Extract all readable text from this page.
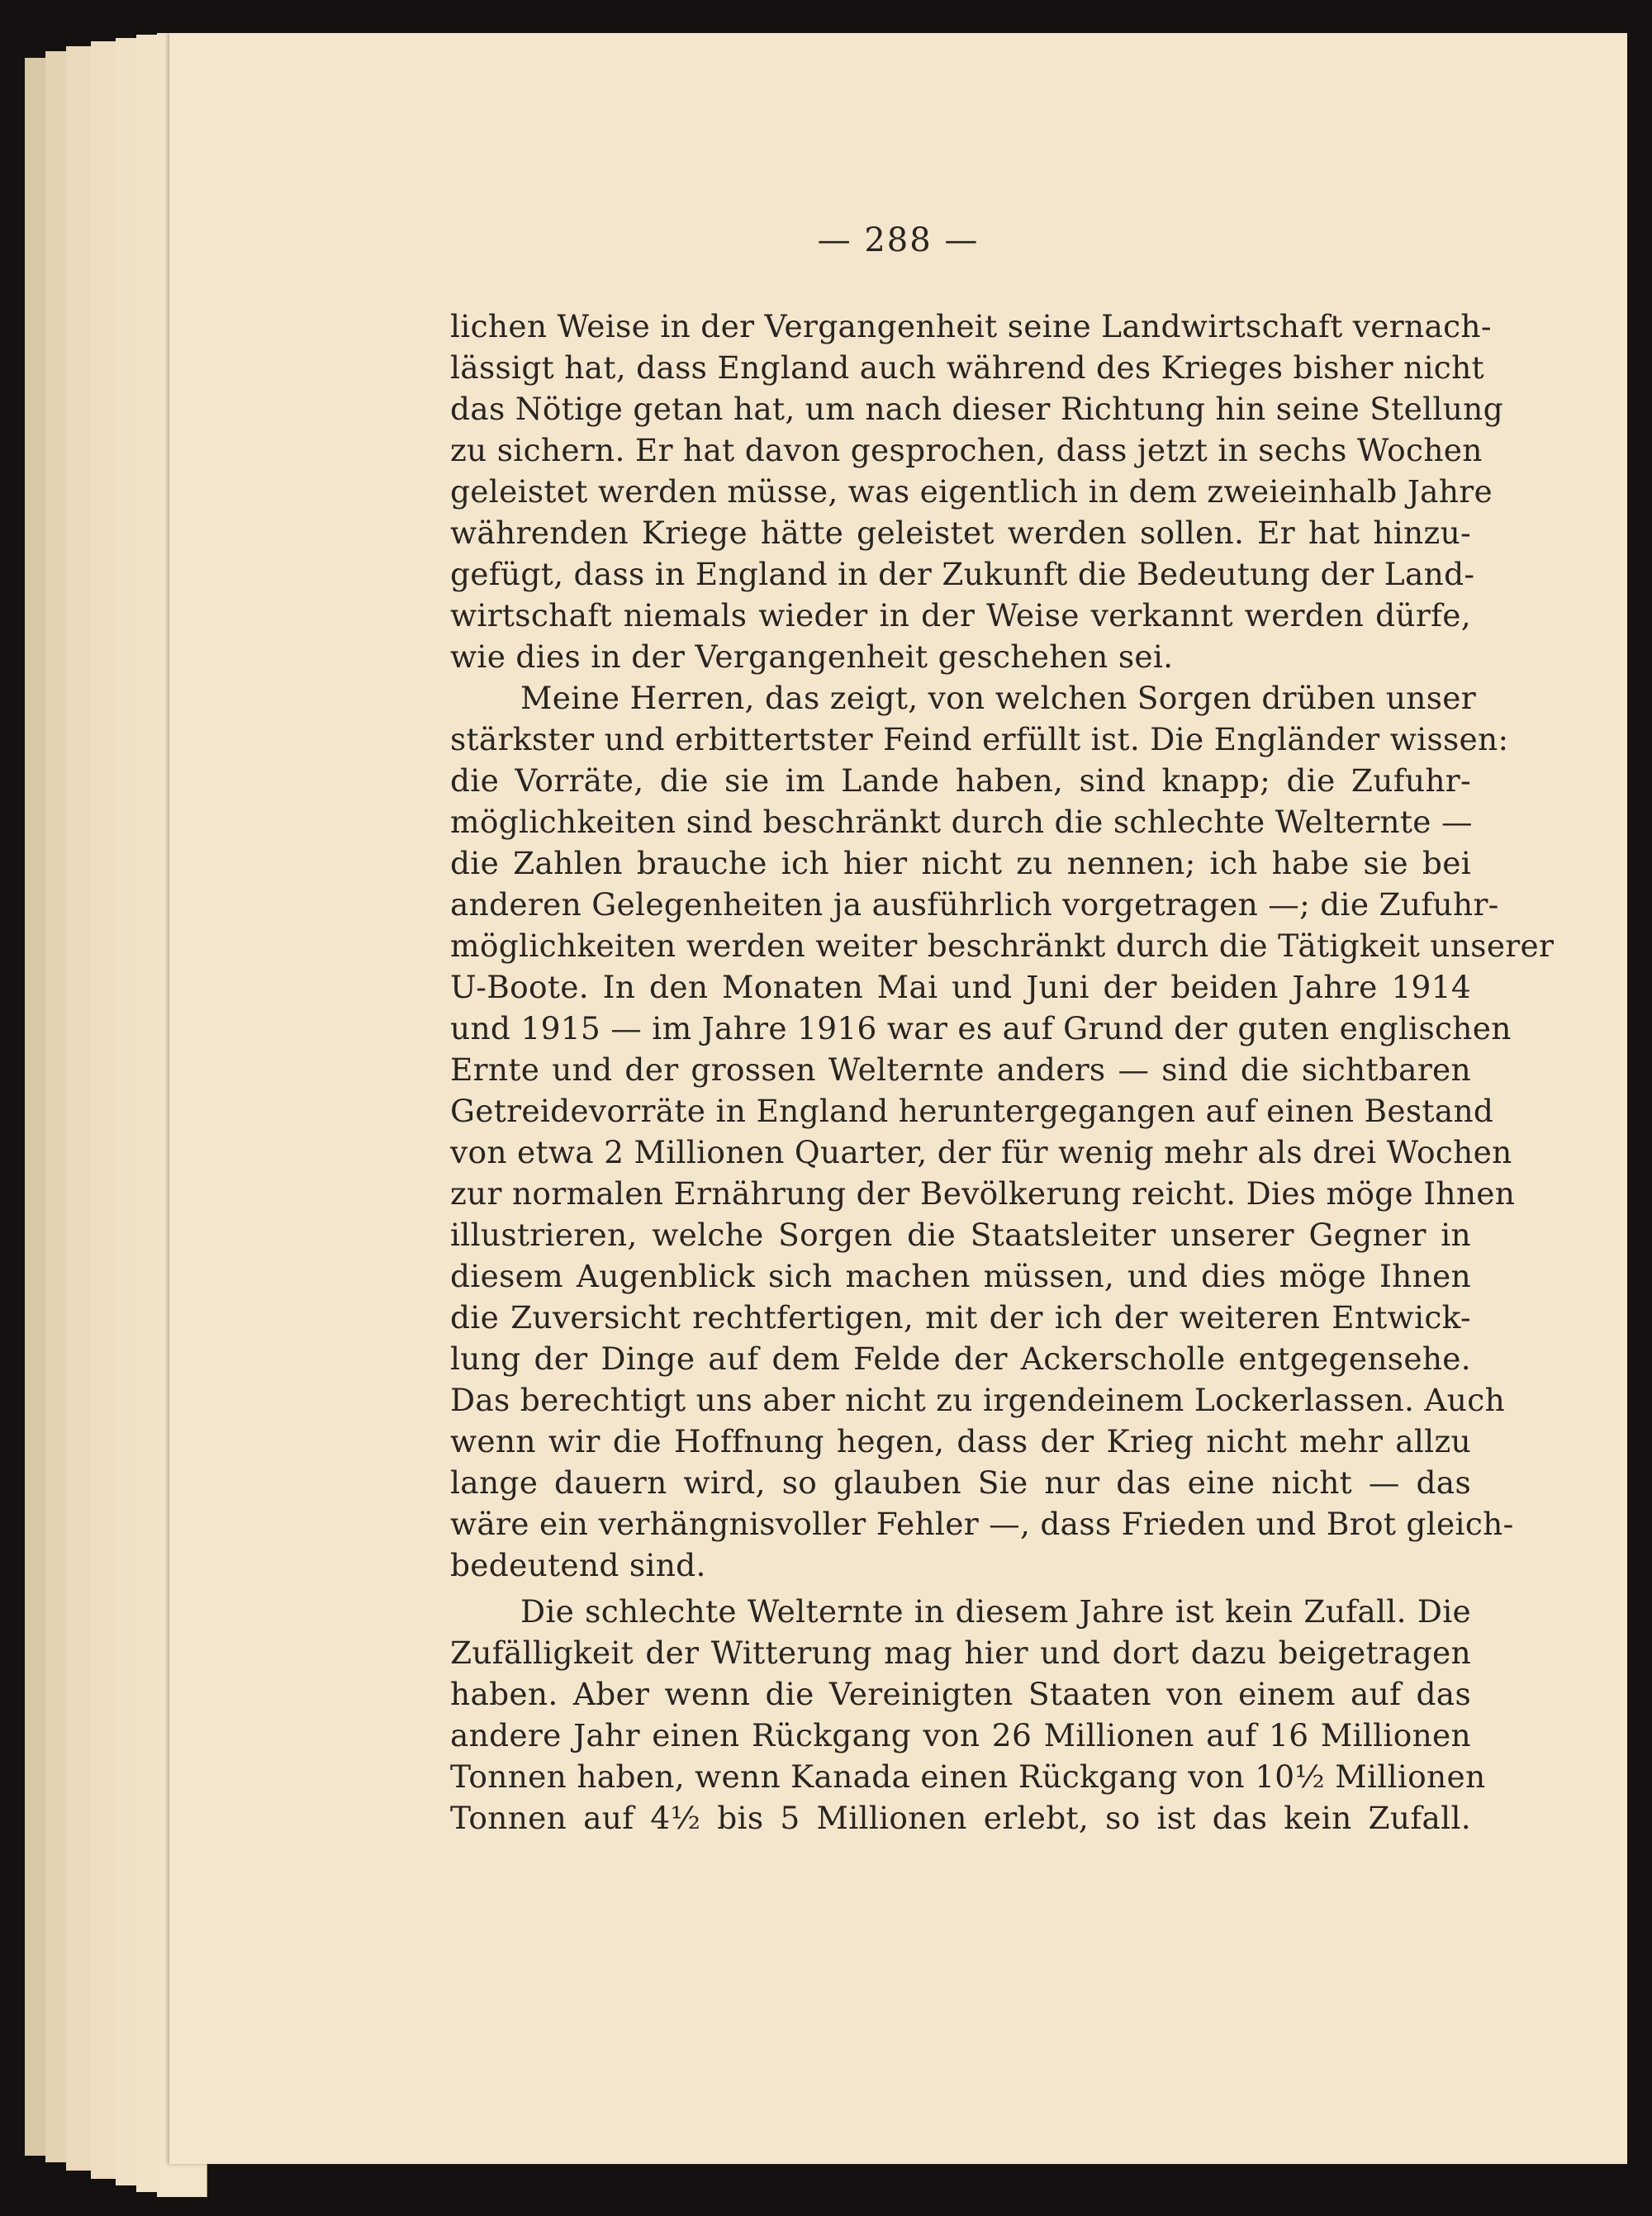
— 288 —
lichen Weise in der Vergangenheit seine Landwirtschaft vernach-
lässigt hat, dass England auch während des Krieges bisher nicht
das Nötige getan hat, um nach dieser Richtung hin seine Stellung
zu sichern. Er hat davon gesprochen, dass jetzt in sechs Wochen
geleistet werden müsse, was eigentlich in dem zweieinhalb Jahre
währenden Kriege hätte geleistet werden sollen. Er hat hinzu-
gefügt, dass in England in der Zukunft die Bedeutung der Land-
wirtschaft niemals wieder in der Weise verkannt werden dürfe,
wie dies in der Vergangenheit geschehen sei.
Meine Herren, das zeigt, von welchen Sorgen drüben unser
stärkster und erbittertster Feind erfüllt ist. Die Engländer wissen:
die Vorräte, die sie im Lande haben, sind knapp; die Zufuhr-
möglichkeiten sind beschränkt durch die schlechte Welternte —
die Zahlen brauche ich hier nicht zu nennen; ich habe sie bei
anderen Gelegenheiten ja ausführlich vorgetragen —; die Zufuhr-
möglichkeiten werden weiter beschränkt durch die Tätigkeit unserer
U-Boote. In den Monaten Mai und Juni der beiden Jahre 1914
und 1915 — im Jahre 1916 war es auf Grund der guten englischen
Ernte und der grossen Welternte anders — sind die sichtbaren
Getreidevorräte in England heruntergegangen auf einen Bestand
von etwa 2 Millionen Quarter, der für wenig mehr als drei Wochen
zur normalen Ernährung der Bevölkerung reicht. Dies möge Ihnen
illustrieren, welche Sorgen die Staatsleiter unserer Gegner in
diesem Augenblick sich machen müssen, und dies möge Ihnen
die Zuversicht rechtfertigen, mit der ich der weiteren Entwick-
lung der Dinge auf dem Felde der Ackerscholle entgegensehe.
Das berechtigt uns aber nicht zu irgendeinem Lockerlassen. Auch
wenn wir die Hoffnung hegen, dass der Krieg nicht mehr allzu
lange dauern wird, so glauben Sie nur das eine nicht — das
wäre ein verhängnisvoller Fehler —, dass Frieden und Brot gleich-
bedeutend sind.
Die schlechte Welternte in diesem Jahre ist kein Zufall. Die
Zufälligkeit der Witterung mag hier und dort dazu beigetragen
haben. Aber wenn die Vereinigten Staaten von einem auf das
andere Jahr einen Rückgang von 26 Millionen auf 16 Millionen
Tonnen haben, wenn Kanada einen Rückgang von 10½ Millionen
Tonnen auf 4½ bis 5 Millionen erlebt, so ist das kein Zufall.
